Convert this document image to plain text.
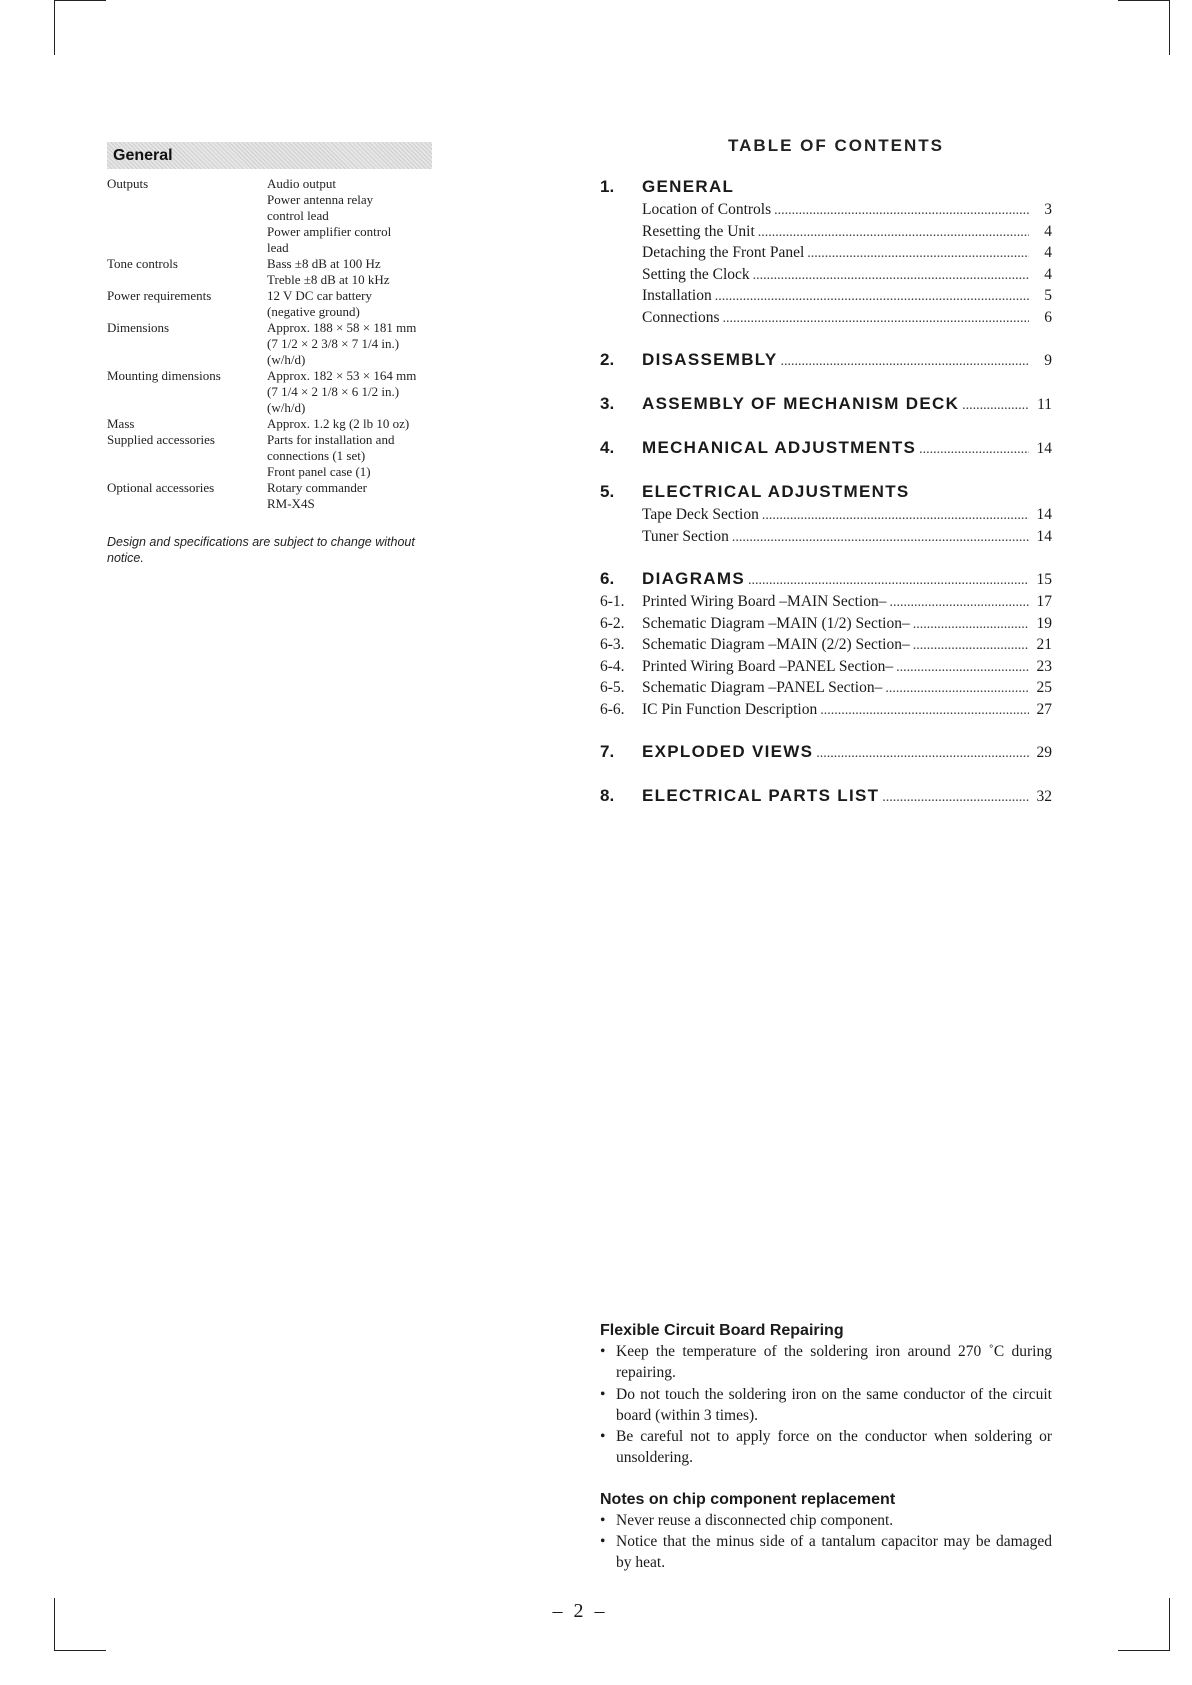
General
Outputs	Audio output
Power antenna relay
control lead
Power amplifier control
lead
Tone controls	Bass ±8 dB at 100 Hz
Treble ±8 dB at 10 kHz
Power requirements	12 V DC car battery
(negative ground)
Dimensions	Approx. 188 × 58 × 181 mm
(7 1/2 × 2 3/8 × 7 1/4 in.)
(w/h/d)
Mounting dimensions	Approx. 182 × 53 × 164 mm
(7 1/4 × 2 1/8 × 6 1/2 in.)
(w/h/d)
Mass	Approx. 1.2 kg (2 lb 10 oz)
Supplied accessories	Parts for installation and
connections (1 set)
Front panel case (1)
Optional accessories	Rotary commander
RM-X4S
Design and specifications are subject to change without notice.
TABLE OF CONTENTS
1.	GENERAL
Location of Controls .....	3
Resetting the Unit .....	4
Detaching the Front Panel .....	4
Setting the Clock .....	4
Installation .....	5
Connections .....	6
2.	DISASSEMBLY .....	9
3.	ASSEMBLY OF MECHANISM DECK .....	11
4.	MECHANICAL ADJUSTMENTS .....	14
5.	ELECTRICAL ADJUSTMENTS
Tape Deck Section .....	14
Tuner Section .....	14
6.	DIAGRAMS .....	15
6-1.	Printed Wiring Board –MAIN Section– .....	17
6-2.	Schematic Diagram –MAIN (1/2) Section– .....	19
6-3.	Schematic Diagram –MAIN (2/2) Section– .....	21
6-4.	Printed Wiring Board –PANEL Section– .....	23
6-5.	Schematic Diagram –PANEL Section– .....	25
6-6.	IC Pin Function Description .....	27
7.	EXPLODED VIEWS .....	29
8.	ELECTRICAL PARTS LIST .....	32
Flexible Circuit Board Repairing
• Keep the temperature of the soldering iron around 270 ˚C during repairing.
• Do not touch the soldering iron on the same conductor of the circuit board (within 3 times).
• Be careful not to apply force on the conductor when soldering or unsoldering.
Notes on chip component replacement
• Never reuse a disconnected chip component.
• Notice that the minus side of a tantalum capacitor may be damaged by heat.
– 2 –
